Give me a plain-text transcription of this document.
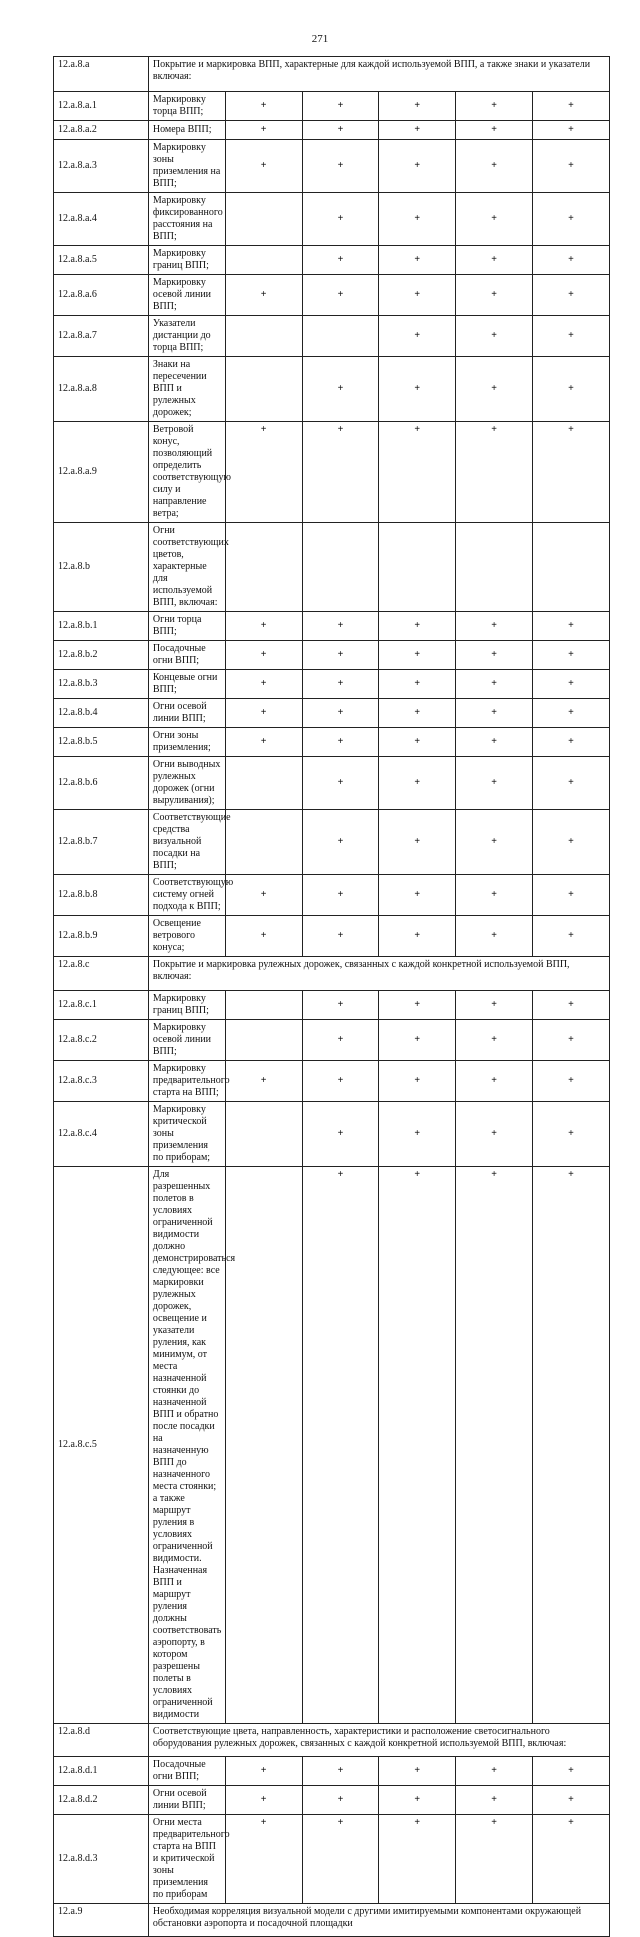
271
12.a.8.a	Покрытие и маркировка ВПП, характерные для каждой используемой ВПП, а также знаки и указатели включая:					
12.a.8.a.1	Маркировку торца ВПП;	+	+	+	+	+
12.a.8.a.2	Номера ВПП;	+	+	+	+	+
12.a.8.a.3	Маркировку зоны приземления на ВПП;	+	+	+	+	+
12.a.8.a.4	Маркировку фиксированного расстояния на ВПП;		+	+	+	+
12.a.8.a.5	Маркировку границ ВПП;		+	+	+	+
12.a.8.a.6	Маркировку осевой линии ВПП;	+	+	+	+	+
12.a.8.a.7	Указатели дистанции до торца ВПП;			+	+	+
12.a.8.a.8	Знаки на пересечении ВПП и рулежных дорожек;		+	+	+	+
12.a.8.a.9	Ветровой конус, позволяющий определить соответствующую силу и направление ветра;	+	+	+	+	+
12.a.8.b	Огни соответствующих цветов, характерные для используемой ВПП, включая:					
12.a.8.b.1	Огни торца ВПП;	+	+	+	+	+
12.a.8.b.2	Посадочные огни ВПП;	+	+	+	+	+
12.a.8.b.3	Концевые огни ВПП;	+	+	+	+	+
12.a.8.b.4	Огни осевой линии ВПП;	+	+	+	+	+
12.a.8.b.5	Огни зоны приземления;	+	+	+	+	+
12.a.8.b.6	Огни выводных рулежных дорожек (огни выруливания);		+	+	+	+
12.a.8.b.7	Соответствующие средства визуальной посадки на ВПП;		+	+	+	+
12.a.8.b.8	Соответствующую систему огней подхода к ВПП;	+	+	+	+	+
12.a.8.b.9	Освещение ветрового конуса;	+	+	+	+	+
12.a.8.c	Покрытие и маркировка рулежных дорожек, связанных с каждой конкретной используемой ВПП, включая:					
12.a.8.c.1	Маркировку границ ВПП;		+	+	+	+
12.a.8.c.2	Маркировку осевой линии ВПП;		+	+	+	+
12.a.8.c.3	Маркировку предварительного старта на ВПП;	+	+	+	+	+
12.a.8.c.4	Маркировку критической зоны приземления по приборам;		+	+	+	+
12.a.8.c.5	Для разрешенных полетов в условиях ограниченной видимости должно демонстрироваться следующее: все маркировки рулежных дорожек, освещение и указатели руления, как минимум, от места назначенной стоянки до назначенной ВПП и обратно после посадки на назначенную ВПП до назначенного места стоянки; а также маршрут руления в условиях ограниченной видимости. Назначенная ВПП и маршрут руления должны соответствовать аэропорту, в котором разрешены полеты в условиях ограниченной видимости		+	+	+	+
12.a.8.d	Соответствующие цвета, направленность, характеристики и расположение светосигнального оборудования рулежных дорожек, связанных с каждой конкретной используемой ВПП, включая:					
12.a.8.d.1	Посадочные огни ВПП;	+	+	+	+	+
12.a.8.d.2	Огни осевой линии ВПП;	+	+	+	+	+
12.a.8.d.3	Огни места предварительного старта на ВПП и критической зоны приземления по приборам	+	+	+	+	+
12.a.9	Необходимая корреляция визуальной модели с другими имитируемыми компонентами окружающей обстановки аэропорта и посадочной площадки					
